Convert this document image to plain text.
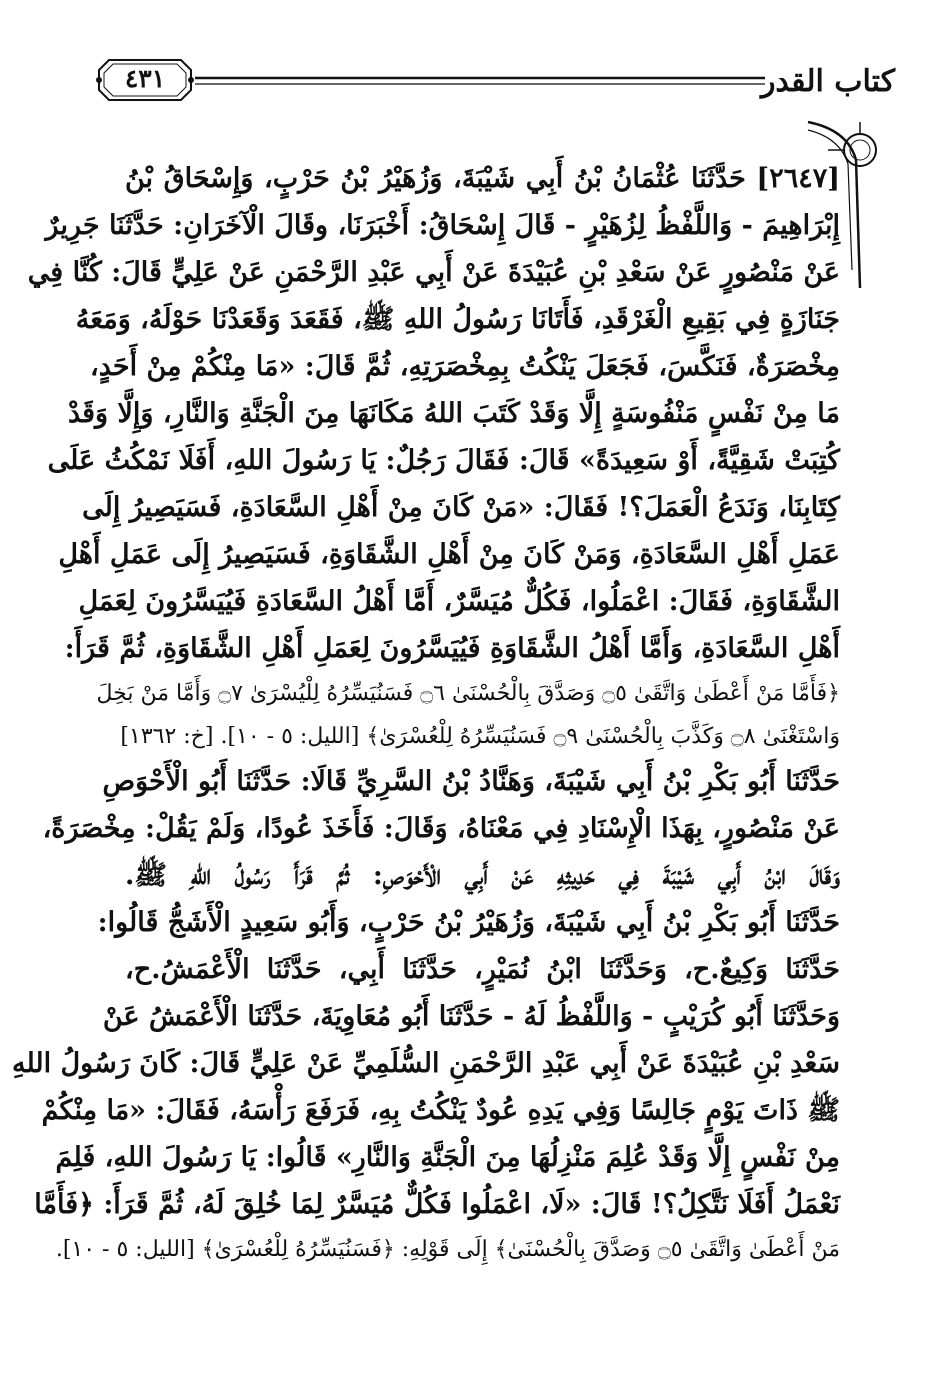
كتاب القدر
٤٣١
[٢٦٤٧] حَدَّثَنَا عُثْمَانُ بْنُ أَبِي شَيْبَةَ، وَزُهَيْرُ بْنُ حَرْبٍ، وَإِسْحَاقُ بْنُ
إِبْرَاهِيمَ - وَاللَّفْظُ لِزُهَيْرٍ - قَالَ إِسْحَاقُ: أَخْبَرَنَا، وقَالَ الْآخَرَانِ: حَدَّثَنَا جَرِيرٌ
عَنْ مَنْصُورٍ عَنْ سَعْدِ بْنِ عُبَيْدَةَ عَنْ أَبِي عَبْدِ الرَّحْمَنِ عَنْ عَلِيٍّ قَالَ: كُنَّا فِي
جَنَازَةٍ فِي بَقِيعِ الْغَرْقَدِ، فَأَتَانَا رَسُولُ اللهِ ﷺ، فَقَعَدَ وَقَعَدْنَا حَوْلَهُ، وَمَعَهُ
مِخْصَرَةٌ، فَنَكَّسَ، فَجَعَلَ يَنْكُتُ بِمِخْصَرَتِهِ، ثُمَّ قَالَ: «مَا مِنْكُمْ مِنْ أَحَدٍ،
مَا مِنْ نَفْسٍ مَنْفُوسَةٍ إِلَّا وَقَدْ كَتَبَ اللهُ مَكَانَهَا مِنَ الْجَنَّةِ وَالنَّارِ، وَإِلَّا وَقَدْ
كُتِبَتْ شَقِيَّةً، أَوْ سَعِيدَةً» قَالَ: فَقَالَ رَجُلٌ: يَا رَسُولَ اللهِ، أَفَلَا نَمْكُثُ عَلَى
كِتَابِنَا، وَنَدَعُ الْعَمَلَ؟! فَقَالَ: «مَنْ كَانَ مِنْ أَهْلِ السَّعَادَةِ، فَسَيَصِيرُ إِلَى
عَمَلِ أَهْلِ السَّعَادَةِ، وَمَنْ كَانَ مِنْ أَهْلِ الشَّقَاوَةِ، فَسَيَصِيرُ إِلَى عَمَلِ أَهْلِ
الشَّقَاوَةِ، فَقَالَ: اعْمَلُوا، فَكُلٌّ مُيَسَّرٌ، أَمَّا أَهْلُ السَّعَادَةِ فَيُيَسَّرُونَ لِعَمَلِ
أَهْلِ السَّعَادَةِ، وَأَمَّا أَهْلُ الشَّقَاوَةِ فَيُيَسَّرُونَ لِعَمَلِ أَهْلِ الشَّقَاوَةِ، ثُمَّ قَرَأَ:
﴿فَأَمَّا مَنْ أَعْطَىٰ وَاتَّقَىٰ ۝٥ وَصَدَّقَ بِالْحُسْنَىٰ ۝٦ فَسَنُيَسِّرُهُ لِلْيُسْرَىٰ ۝٧ وَأَمَّا مَنْ بَخِلَ
وَاسْتَغْنَىٰ ۝٨ وَكَذَّبَ بِالْحُسْنَىٰ ۝٩ فَسَنُيَسِّرُهُ لِلْعُسْرَىٰ﴾ [الليل: ٥ - ١٠]. [خ: ١٣٦٢]
حَدَّثَنَا أَبُو بَكْرِ بْنُ أَبِي شَيْبَةَ، وَهَنَّادُ بْنُ السَّرِيِّ قَالَا: حَدَّثَنَا أَبُو الْأَحْوَصِ
عَنْ مَنْصُورٍ، بِهَذَا الْإِسْنَادِ فِي مَعْنَاهُ، وَقَالَ: فَأَخَذَ عُودًا، وَلَمْ يَقُلْ: مِخْصَرَةً،
وَقَالَ ابْنُ أَبِي شَيْبَةَ فِي حَدِيثِهِ عَنْ أَبِي الْأَحْوَصِ: ثُمَّ قَرَأَ رَسُولُ اللهِ ﷺ.
حَدَّثَنَا أَبُو بَكْرِ بْنُ أَبِي شَيْبَةَ، وَزُهَيْرُ بْنُ حَرْبٍ، وَأَبُو سَعِيدٍ الْأَشَجُّ قَالُوا:
حَدَّثَنَا وَكِيعٌ.ح، وَحَدَّثَنَا ابْنُ نُمَيْرٍ، حَدَّثَنَا أَبِي، حَدَّثَنَا الْأَعْمَشُ.ح،
وَحَدَّثَنَا أَبُو كُرَيْبٍ - وَاللَّفْظُ لَهُ - حَدَّثَنَا أَبُو مُعَاوِيَةَ، حَدَّثَنَا الْأَعْمَشُ عَنْ
سَعْدِ بْنِ عُبَيْدَةَ عَنْ أَبِي عَبْدِ الرَّحْمَنِ السُّلَمِيِّ عَنْ عَلِيٍّ قَالَ: كَانَ رَسُولُ اللهِ
ﷺ ذَاتَ يَوْمٍ جَالِسًا وَفِي يَدِهِ عُودٌ يَنْكُتُ بِهِ، فَرَفَعَ رَأْسَهُ، فَقَالَ: «مَا مِنْكُمْ
مِنْ نَفْسٍ إِلَّا وَقَدْ عُلِمَ مَنْزِلُهَا مِنَ الْجَنَّةِ وَالنَّارِ» قَالُوا: يَا رَسُولَ اللهِ، فَلِمَ
نَعْمَلُ أَفَلَا نَتَّكِلُ؟! قَالَ: «لَا، اعْمَلُوا فَكُلٌّ مُيَسَّرٌ لِمَا خُلِقَ لَهُ، ثُمَّ قَرَأَ: ﴿فَأَمَّا
مَنْ أَعْطَىٰ وَاتَّقَىٰ ۝٥ وَصَدَّقَ بِالْحُسْنَىٰ﴾ إِلَى قَوْلِهِ: ﴿فَسَنُيَسِّرُهُ لِلْعُسْرَىٰ﴾ [الليل: ٥ - ١٠].
